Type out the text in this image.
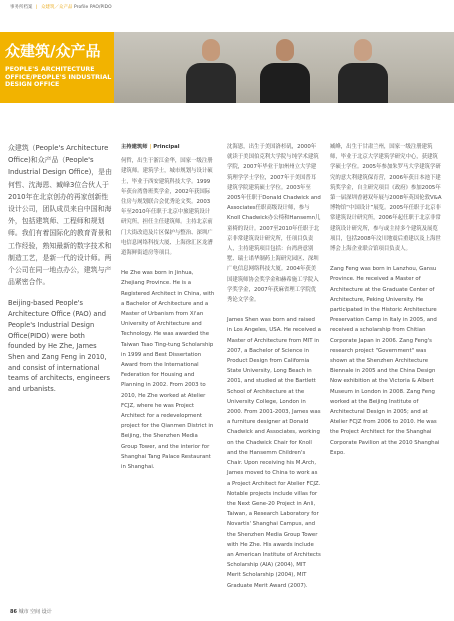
事务所档案 | 众建筑／众产品 Profile PAO/PIDO
众建筑/众产品
PEOPLE'S ARCHITECTURE
OFFICE/PEOPLE'S INDUSTRIAL
DESIGN OFFICE

众建筑（People's Architecture Office)和众产品（People's Industrial Design Office)，是由何哲、沈海恩、臧峰3位合伙人于2010年在北京创办的再家创新性设计公司，团队成员来自中国和海外，包括建筑师、工程师和规划师。我们有着国际化的教育背景和工作经验，熟知最新的数字技术和制造工艺，是新一代的设计师。两个公司在同一地点办公，建筑与产品紧密合作。

Beijing-based People's Architecture Office (PAO) and People's Industrial Design Office(PIDO) were both founded by He Zhe, James Shen and Zang Feng in 2010, and consist of international teams of architects, engineers and urbanists.

主持建筑师 | Principal

何哲，出生于浙江金华，国家一级注册建筑师。建筑学士，城市规划与设计硕士，毕业于西安建筑科技大学。1999年获台湾鲁班奖学金，2002年获国际住房与规划联合会优秀论文奖。2003年至2010年任职于北京中旅建筑设计研究所，担任主任建筑师。主持北京前门大街改造及片区保护与整治、深圳广电信息网络科技大厦、上海徐汇区龙漕道海鲜街道房等项目。

He Zhe was born in Jinhua, Zhejiang Province. He is a Registered Architect in China, with a Bachelor of Architecture and a Master of Urbanism from Xi'an University of Architecture and Technology. He was awarded the Taiwan Tsao Ting-tung Scholarship in 1999 and Best Dissertation Award from the International Federation for Housing and Planning in 2002. From 2003 to 2010, He Zhe worked at Atelier FCJZ, where he was Project Architect for a redevelopment project for the Qianmen District in Beijing, the Shenzhen Media Group Tower, and the interior for Shanghai Tang Palace Restaurant in Shanghai.

沈海恩，出生于美国洛杉矶，2000年就读于美国伯克利大学院与纯学术建筑学院，2007年毕业于加州州立大学建筑理学学士学位，2007年于美国普耳建筑学院建筑硕士学位。2003年至2005年任职于Donald Chadwick and Associates任职高级设计师，参与Knoll Chadwick办公椅和Hansemn儿童椅的设计。2007至2010年任职于北京非常建筑设计研究所，任项目负责人，主持建筑项目包括：台湾唐意别墅、瑞士诺华制药上海研究园区、深圳广电信息网络科技大厦。2004年获美国建筑师协会奖学金和赫希施工学院入学奖学金，2007年获麻省理工学院优秀论文学金。

James Shen was born and raised in Los Angeles, USA. He received a Master of Architecture from MIT in 2007, a Bachelor of Science in Product Design from California State University, Long Beach in 2001, and studied at the Bartlett School of Architecture at the University College, London in 2000. From 2001-2003, James was a furniture designer at Donald Chadwick and Associates, working on the Chadwick Chair for Knoll and the Hansemm Children's Chair. Upon receiving his M.Arch, James moved to China to work as a Project Architect for Atelier FCJZ. Notable projects include villas for the Next Gene-20 Project in Anli, Taiwan, a Research Laboratory for Novartis' Shanghai Campus, and the Shenzhen Media Group Tower with He Zhe. His awards include an American Institute of Architects Scholarship (AIA) (2004), MIT Merit Scholarship (2004), MIT Graduate Merit Award (2007).

臧峰，出生于甘肃兰州，国家一级注册建筑师，毕业于北京大学建筑学研究中心，获建筑学硕士学位。2005年参加朱罗马大学建筑学研究的意大利建筑保育营，2006年获日本池下建筑奖学金，自主研究项目《政府》参加2005年第一届深圳香港双年展与2008年英国伦敦V&A博物馆“中国设计”展览。2005年任职于北京非常建筑设计研究所，2006年起任职于北京非常建筑设计研究所，参与或主持多个建筑及展览项目，包括2008年汶川地震后重建以及上海世博会上海企业联合馆项目负责人。

Zang Feng was born in Lanzhou, Gansu Province. He received a Master of Architecture at the Graduate Center of Architecture, Peking University. He participated in the Historic Architecture Preservation Camp in Italy in 2005, and received a scholarship from Chitian Corporate Japan in 2006. Zang Feng's research project "Government" was shown at the Shenzhen Architecture Biennale in 2005 and the China Design Now exhibition at the Victoria & Albert Museum in London in 2008. Zang Feng worked at the Beijing Institute of Architectural Design in 2005; and at Atelier FCJZ from 2006 to 2010. He was the Project Architect for the Shanghai Corporate Pavilion at the 2010 Shanghai Expo.

86 城市 空间 设计
